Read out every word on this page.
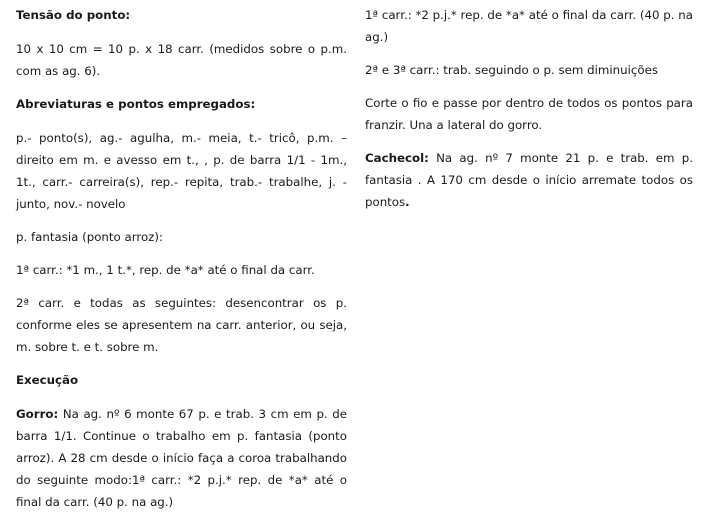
Tensão do ponto:

10 x 10 cm = 10 p. x 18 carr. (medidos sobre o p.m. com as ag. 6).

Abreviaturas e pontos empregados:

p.- ponto(s), ag.- agulha, m.- meia, t.- tricô, p.m. – direito em m. e avesso em t., , p. de barra 1/1 - 1m., 1t., carr.- carreira(s), rep.- repita, trab.- trabalhe, j. - junto, nov.- novelo

p. fantasia (ponto arroz):

1ª carr.: *1 m., 1 t.*, rep. de *a* até o final da carr.

2ª carr. e todas as seguintes: desencontrar os p. conforme eles se apresentem na carr. anterior, ou seja, m. sobre t. e t. sobre m.

Execução

Gorro: Na ag. nº 6 monte 67 p. e trab. 3 cm em p. de barra 1/1. Continue o trabalho em p. fantasia (ponto arroz). A 28 cm desde o início faça a coroa trabalhando do seguinte modo:1ª carr.: *2 p.j.* rep. de *a* até o final da carr. (40 p. na ag.)

1ª carr.: *2 p.j.* rep. de *a* até o final da carr. (40 p. na ag.)

2ª e 3ª carr.: trab. seguindo o p. sem diminuições

Corte o fio e passe por dentro de todos os pontos para franzir. Una a lateral do gorro.

Cachecol: Na ag. nº 7 monte 21 p. e trab. em p. fantasia . A 170 cm desde o início arremate todos os pontos.
